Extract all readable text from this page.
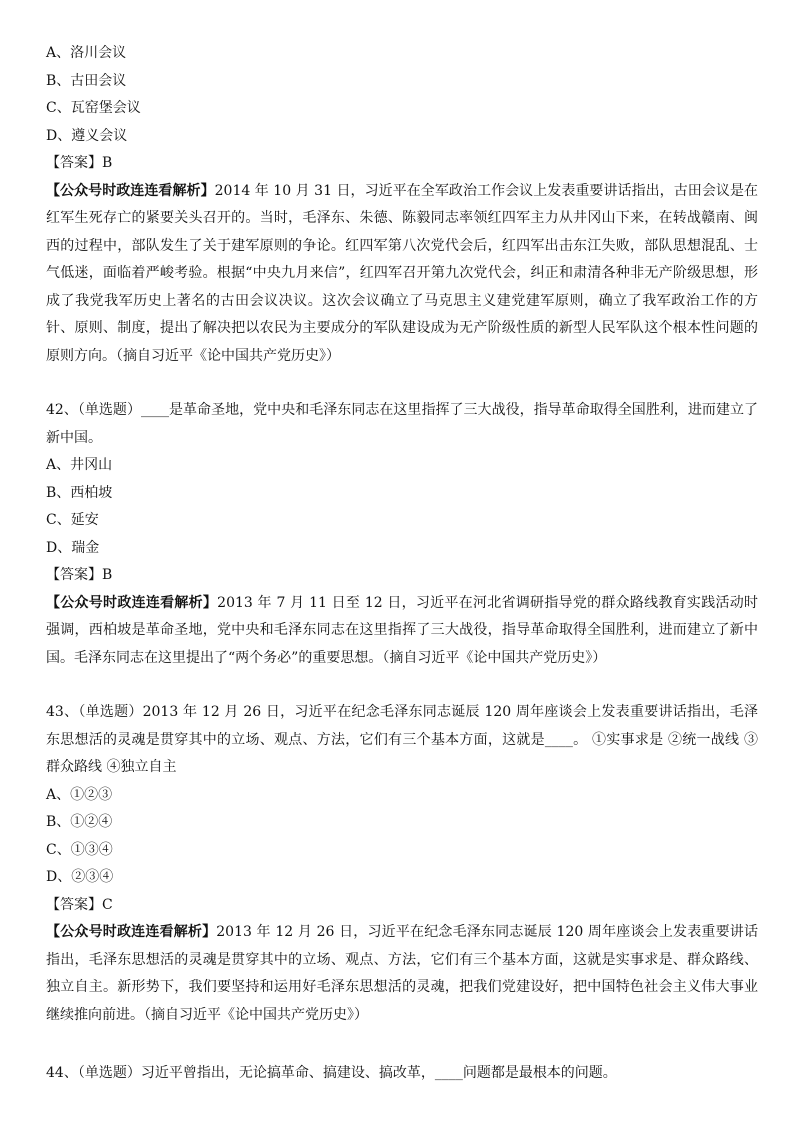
A、洛川会议
B、古田会议
C、瓦窑堡会议
D、遵义会议
【答案】B
【公众号时政连连看解析】2014 年 10 月 31 日，习近平在全军政治工作会议上发表重要讲话指出，古田会议是在红军生死存亡的紧要关头召开的。当时，毛泽东、朱德、陈毅同志率领红四军主力从井冈山下来，在转战赣南、闽西的过程中，部队发生了关于建军原则的争论。红四军第八次党代会后，红四军出击东江失败，部队思想混乱、士气低迷，面临着严峻考验。根据“中央九月来信”，红四军召开第九次党代会，纠正和肃清各种非无产阶级思想，形成了我党我军历史上著名的古田会议决议。这次会议确立了马克思主义建党建军原则，确立了我军政治工作的方针、原则、制度，提出了解决把以农民为主要成分的军队建设成为无产阶级性质的新型人民军队这个根本性问题的原则方向。（摘自习近平《论中国共产党历史》）
42、（单选题）____是革命圣地，党中央和毛泽东同志在这里指挥了三大战役，指导革命取得全国胜利，进而建立了新中国。
A、井冈山
B、西柏坡
C、延安
D、瑞金
【答案】B
【公众号时政连连看解析】2013 年 7 月 11 日至 12 日，习近平在河北省调研指导党的群众路线教育实践活动时强调，西柏坡是革命圣地，党中央和毛泽东同志在这里指挥了三大战役，指导革命取得全国胜利，进而建立了新中国。毛泽东同志在这里提出了“两个务必”的重要思想。（摘自习近平《论中国共产党历史》）
43、（单选题）2013 年 12 月 26 日，习近平在纪念毛泽东同志诞辰 120 周年座谈会上发表重要讲话指出，毛泽东思想活的灵魂是贯穿其中的立场、观点、方法，它们有三个基本方面，这就是____。 ①实事求是 ②统一战线 ③群众路线 ④独立自主
A、①②③
B、①②④
C、①③④
D、②③④
【答案】C
【公众号时政连连看解析】2013 年 12 月 26 日，习近平在纪念毛泽东同志诞辰 120 周年座谈会上发表重要讲话指出，毛泽东思想活的灵魂是贯穿其中的立场、观点、方法，它们有三个基本方面，这就是实事求是、群众路线、独立自主。新形势下，我们要坚持和运用好毛泽东思想活的灵魂，把我们党建设好，把中国特色社会主义伟大事业继续推向前进。（摘自习近平《论中国共产党历史》）
44、（单选题）习近平曾指出，无论搞革命、搞建设、搞改革，____问题都是最根本的问题。
